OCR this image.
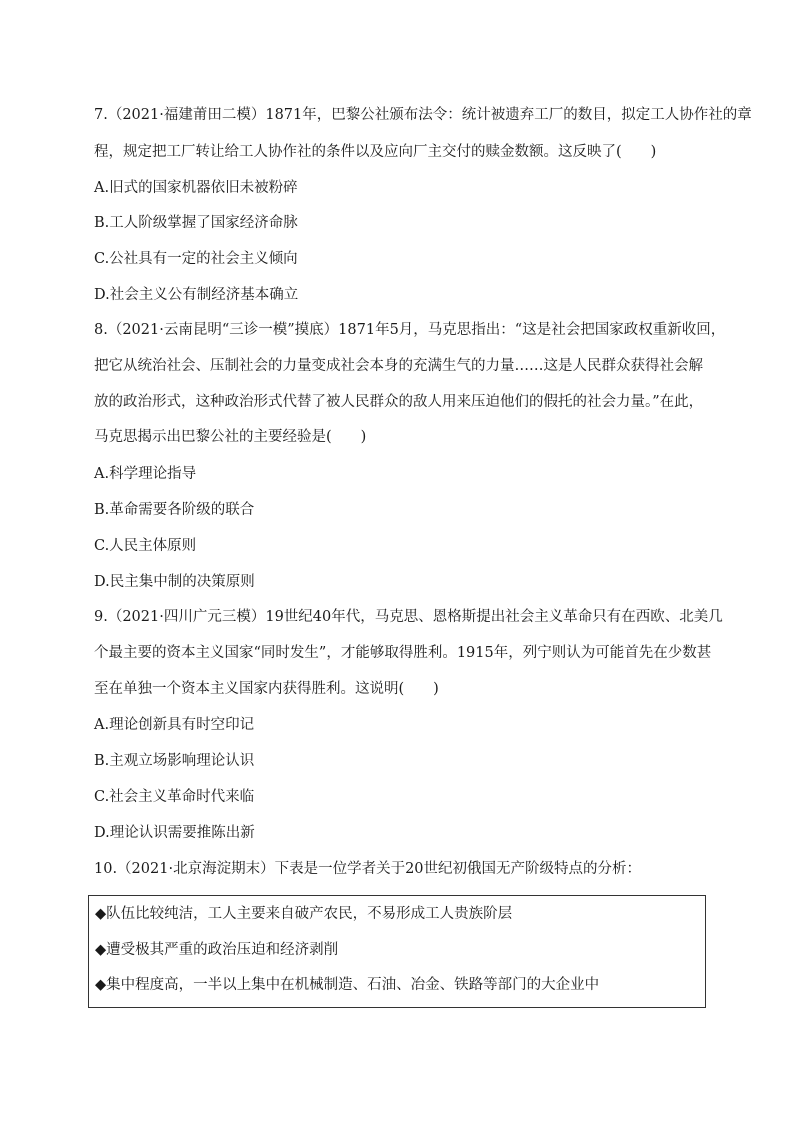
7.（2021·福建莆田二模）1871年，巴黎公社颁布法令：统计被遗弃工厂的数目，拟定工人协作社的章
程，规定把工厂转让给工人协作社的条件以及应向厂主交付的赎金数额。这反映了(　　)
A.旧式的国家机器依旧未被粉碎
B.工人阶级掌握了国家经济命脉
C.公社具有一定的社会主义倾向
D.社会主义公有制经济基本确立
8.（2021·云南昆明“三诊一模”摸底）1871年5月，马克思指出：“这是社会把国家政权重新收回，
把它从统治社会、压制社会的力量变成社会本身的充满生气的力量……这是人民群众获得社会解
放的政治形式，这种政治形式代替了被人民群众的敌人用来压迫他们的假托的社会力量。”在此，
马克思揭示出巴黎公社的主要经验是(　　)
A.科学理论指导
B.革命需要各阶级的联合
C.人民主体原则
D.民主集中制的决策原则
9.（2021·四川广元三模）19世纪40年代，马克思、恩格斯提出社会主义革命只有在西欧、北美几
个最主要的资本主义国家“同时发生”，才能够取得胜利。1915年，列宁则认为可能首先在少数甚
至在单独一个资本主义国家内获得胜利。这说明(　　)
A.理论创新具有时空印记
B.主观立场影响理论认识
C.社会主义革命时代来临
D.理论认识需要推陈出新
10.（2021·北京海淀期末）下表是一位学者关于20世纪初俄国无产阶级特点的分析：
◆队伍比较纯洁，工人主要来自破产农民，不易形成工人贵族阶层
◆遭受极其严重的政治压迫和经济剥削
◆集中程度高，一半以上集中在机械制造、石油、冶金、铁路等部门的大企业中
